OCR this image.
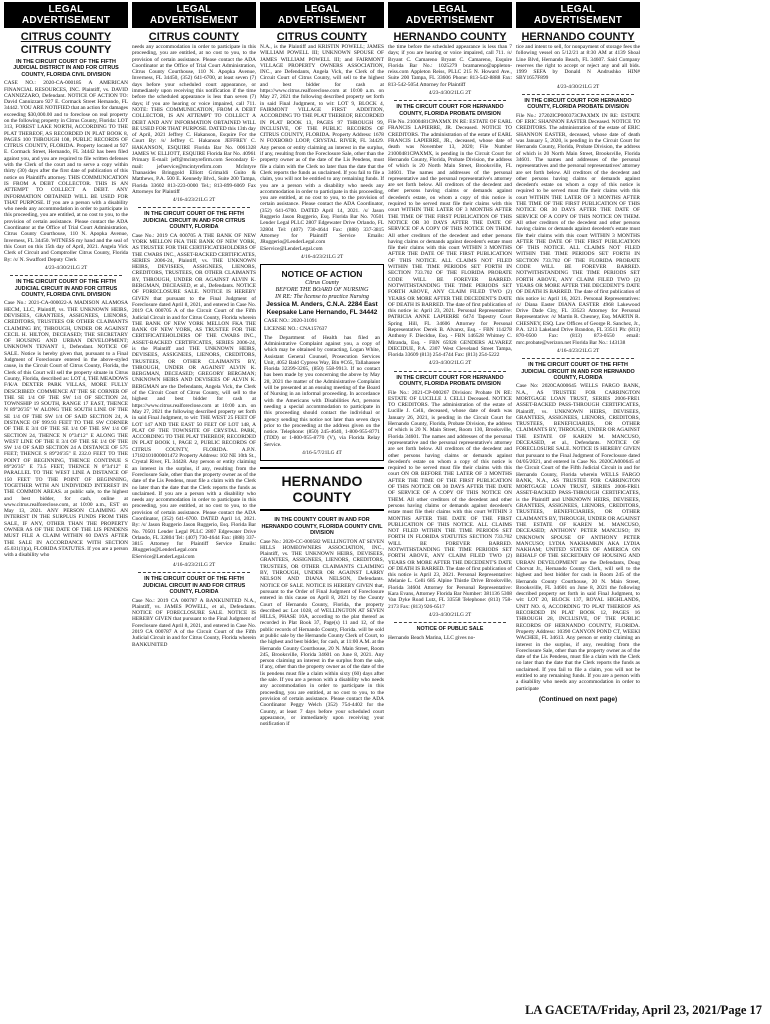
LEGAL ADVERTISEMENT
CITRUS COUNTY
CITRUS COUNTY
IN THE CIRCUIT COURT OF THE FIFTH JUDICIAL DISTRICT IN AND FOR CITRUS COUNTY, FLORIDA CIVIL DIVISION
CASE NO.: 2020-CA-000185 A AMERICAN FINANCIAL RESOURCES, INC. Plaintiff, vs. DAVID CANNIZZARO, Defendant. NOTICE OF ACTION TO: David Cannizzaro 927 E. Cormack Street Hernando, FL 34442. YOU ARE NOTIFIED that an action for damages exceeding $30,000.00 and to foreclose on real property on the following property in Citrus County, Florida: LOT 313, FOREST LAKE NORTH, ACCORDING TO THE PLAT THEREOF, AS RECORDED IN PLAT BOOK 8, PAGES 100 THROUGH 108, PUBLIC RECORDS OF CITRUS COUNTY, FLORIDA. Property located at 927 E. Cormack Street, Hernando, FL 34442 has been filed against you, and you are required to file written defenses with the Clerk of the court and to serve a copy within thirty (30) days after the first date of publication of this notice on Plaintiff's attorney. THIS COMMUNICATION IS FROM A DEBT COLLECTOR. THIS IS AN ATTEMPT TO COLLECT A DEBT. ANY INFORMATION OBTAINED WILL BE USED FOR THAT PURPOSE. If you are a person with a disability who needs any accommodation in order to participate in this proceeding, you are entitled, at no cost to you, to the provision of certain assistance. Please contact the ADA Coordinator at the Office of Trial Court Administration, Citrus County Courthouse, 110 N. Apopka Avenue, Inverness, FL 34450. WITNESS my hand and the seal of this Court on this 15th day of April, 2021. Angela Vick Clerk of Circuit and Comptroller Citrus County, Florida By: /s/ N. Swafford Deputy Clerk
4/23-4/30/21LG 2T
IN THE CIRCUIT COURT OF THE FIFTH JUDICIAL CIRCUIT IN AND FOR CITRUS COUNTY, FLORIDA CIVIL DIVISION
Case No.: 2021-CA-000022-A MADISON ALAMOSA HECM, LLC, Plaintiff, vs. THE UNKNOWN HEIRS, DEVISEES, GRANTEES, ASSIGNEES, LIENORS, CREDITORS, TRUSTEES OR OTHER CLAIMANTS CLAIMING BY, THROUGH, UNDER OR AGAINST CECIL H. HILTON, DECEASED; THE SECRETARY OF HOUSING AND URBAN DEVELOPMENT; UNKNOWN TENANT 1, Defendant. NOTICE OF SALE. Notice is hereby given that, pursuant to a Final Judgment of Foreclosure entered in the above-styled cause, in the Circuit Court of Citrus County, Florida, the Clerk of this Court will sell the property situate in Citrus County, Florida, described as: LOT 4, THE MEADOWS F/K/A DEXTER PARK VILLAS, MORE FULLY DESCRIBED: COMMENCE AT THE SE CORNER OF THE SE 1/4 OF THE SW 1/4 OF SECTION 24, TOWNSHIP 19 SOUTH, RANGE 17 EAST, THENCE N 89°26'35" W ALONG THE SOUTH LINE OF THE SE 1/4 OF THE SW 1/4 OF SAID SECTION 24, A DISTANCE OF 999.93 FEET TO THE SW CORNER OF THE E 3/4 OF THE SE 1/4 OF THE SW 1/4 OF SECTION 24, THENCE N 0°34'12" E ALONG THE WEST LINE OF THE E 3/4 OF THE SE 1/4 OF THE SW 1/4 OF SAID SECTION 24 A DISTANCE OF 575 FEET; THENCE S 89°26'35" E 232.0 FEET TO THE POINT OF BEGINNING, THENCE CONTINUE S 89°26'35" E 73.5 FEET, THENCE N 0°34'12" E PARALLEL TO THE WEST LINE A DISTANCE OF 150 FEET TO THE POINT OF BEGINNING, TOGETHER WITH AN UNDIVIDED INTEREST IN THE COMMON AREAS. at public sale, to the highest and best bidder, for cash, online at www.citrus.realforeclose.com, at 10:00 a.m., EST on May 13, 2021. ANY PERSON CLAIMING AN INTEREST IN THE SURPLUS FUNDS FROM THIS SALE, IF ANY, OTHER THAN THE PROPERTY OWNER AS OF THE DATE OF THE LIS PENDENS MUST FILE A CLAIM WITHIN 60 DAYS AFTER THE SALE IN ACCORDANCE WITH SECTION 45.031(1)(a), FLORIDA STATUTES. If you are a person with a disability who
LEGAL ADVERTISEMENT
CITRUS COUNTY
needs any accommodation in order to participate in this proceeding, you are entitled, at no cost to you, to the provision of certain assistance. Please contact the ADA Coordinator at the Office of Trial Court Administration, Citrus County Courthouse, 110 N. Apopka Avenue, Inverness, FL 34450, (352) 641-6700, at least seven (7) days before your scheduled court appearance, or immediately upon receiving this notification if the time before the scheduled appearance is less than seven (7) days; if you are hearing or voice impaired, call 711. NOTE: THIS COMMUNICATION, FROM A DEBT COLLECTOR, IS AN ATTEMPT TO COLLECT A DEBT AND ANY INFORMATION OBTAINED WILL BE USED FOR THAT PURPOSE. DATED this 13th day of April, 2021 Jeffrey C. Hakanson, Esquire For the Court By: /s/ Jeffrey C. Hakanson JEFFREY C. HAKANSON, ESQUIRE Florida Bar No. 0061328 JAMES W. ELLIOTT, ESQUIRE Florida Bar No. 40961 Primary E-mail: jeff@mcintyrefirm.com Secondary E-mail: jefservice@mcintyrefirm.com McIntyre Thanasides Bringgold Elliott Grimaldi Guito & Matthews, P.A. 500 E. Kennedy Blvd., Suite 200 Tampa, Florida 33602 813-223-0000 Tel.; 813-899-6069 Fax Attorneys for Plaintiff
4/16-4/23/21LG 2T
IN THE CIRCUIT COURT OF THE FIFTH JUDICIAL CIRCUIT IN AND FOR CITRUS COUNTY, FLORIDA
Case No.: 2019 CA 000705 A THE BANK OF NEW YORK MELLON FKA THE BANK OF NEW YORK, AS TRUSTEE FOR THE CERTIFICATEHOLDERS OF THE CWABS INC., ASSET-BACKED CERTIFICATES, SERIES 2006-24, Plaintiff, vs. THE UNKNOWN HEIRS, DEVISEES, ASSIGNEES, LIENORS, CREDITORS, TRUSTEES, OR OTHER CLAIMANTS BY, THROUGH, UNDER OR AGAINST ALVIN K. BERGMAN, DECEASED, et al., Defendants. NOTICE OF FORECLOSURE SALE. NOTICE IS HEREBY GIVEN that pursuant to the Final Judgment of Foreclosure dated April 8, 2021, and entered in Case No. 2019 CA 000705 A of the Circuit Court of the Fifth Judicial Circuit in and for Citrus County, Florida wherein THE BANK OF NEW YORK MELLON FKA THE BANK OF NEW YORK, AS TRUSTEE FOR THE CERTIFICATEHOLDERS OF THE CWABS INC., ASSET-BACKED CERTIFICATES, SERIES 2006-24, is the Plaintiff and THE UNKNOWN HEIRS, DEVISEES, ASSIGNEES, LIENORS, CREDITORS, TRUSTEES, OR OTHER CLAIMANTS BY, THROUGH, UNDER OR AGAINST ALVIN K. BERGMAN, DECEASED; GREGORY BERGMAN; UNKNOWN HEIRS AND DEVISEES OF ALVIN K. BERGMAN are the Defendants, Angela Vick, the Clerk of the Circuit Court of Citrus County, will sell to the highest and best bidder for cash at https://www.citrus.realforeclose.com at 10:00 a.m. on May 27, 2021 the following described property set forth in said Final Judgment, to wit: THE WEST 25 FEET OF LOT 147 AND THE EAST 50 FEET OF LOT 148, A PLAT OF THE TOWNSITE OF CRYSTAL PARK, ACCORDING TO THE PLAT THEREOF, RECORDED IN PLAT BOOK 1, PAGE 2, PUBLIC RECORDS OF CITRUS COUNTY, FLORIDA. A.P.N. 17182101000001472 Property Address: 102 NE 10th St., Crystal River, FL 34428. Any person or entity claiming an interest in the surplus, if any, resulting from the Foreclosure Sale, other than the property owner as of the date of the Lis Pendens, must file a claim with the Clerk no later than the date that the Clerk reports the funds as unclaimed. If you are a person with a disability who needs any accommodation in order to participate in this proceeding, you are entitled, at no cost to you, to the provision of certain assistance. Please contact the ADA Coordinator, (352) 641-6700. DATED April 14, 2021. By: /s/ Jason Ruggerio Jason Ruggerio, Esq. Florida Bar No. 70501 Lender Legal PLLC 2807 Edgewater Drive Orlando, FL 32804 Tel: (407) 730-4644 Fax: (888) 337-3815 Attorney for Plaintiff Service Emails: JRuggerio@LenderLegal.com EService@LenderLegal.com
4/16-4/23/21LG 2T
IN THE CIRCUIT COURT OF THE FIFTH JUDICIAL CIRCUIT IN AND FOR CITRUS COUNTY, FLORIDA
Case No.: 2019 CA 000787 A BANKUNITED N.A., Plaintiff, vs. JAMES POWELL, et al., Defendants. NOTICE OF FORECLOSURE SALE. NOTICE IS HEREBY GIVEN that pursuant to the Final Judgment of Foreclosure dated April 8, 2021, and entered in Case No. 2019 CA 000787 A of the Circuit Court of the Fifth Judicial Circuit in and for Citrus County, Florida wherein BANKUNITED
LEGAL ADVERTISEMENT
CITRUS COUNTY
N.A., is the Plaintiff and KRISTIN POWELL; JAMES WILLIAM POWELL III; UNKNOWN SPOUSE OF JAMES WILLIAM POWELL III; and FAIRMONT VILLAGE PROPERTY OWNERS ASSOCIATION, INC., are Defendants, Angela Vick, the Clerk of the Circuit Court of Citrus County, will sell to the highest and best bidder for cash at https://www.citrus.realforeclose.com at 10:00 a.m. on May 27, 2021 the following described property set forth in said Final Judgment, to wit: LOT 9, BLOCK 4, FAIRMONT VILLAGE FIRST ADDITION, ACCORDING TO THE PLAT THEREOF, RECORDED IN PLAT BOOK 13, PAGES 97 THROUGH 99, INCLUSIVE, OF THE PUBLIC RECORDS OF CITRUS COUNTY, FLORIDA. Property Address: 1678 N FOXBORO LOOP, CRYSTAL RIVER, FL 34429. Any person or entity claiming an interest in the surplus, if any, resulting from the Foreclosure Sale, other than the property owner as of the date of the Lis Pendens, must file a claim with the Clerk no later than the date that the Clerk reports the funds as unclaimed. If you fail to file a claim, you will not be entitled to any remaining funds. If you are a person with a disability who needs any accommodation in order to participate in this proceeding, you are entitled, at no cost to you, to the provision of certain assistance. Please contact the ADA Coordinator, (352) 641-6700. DATED April 14, 2021. /s/ Jason Ruggerio Jason Ruggerio, Esq. Florida Bar No. 70501 Lender Legal PLLC 2807 Edgewater Drive Orlando, FL 32804 Tel: (407) 730-4644 Fax: (888) 337-3815 Attorney for Plaintiff Service Emails: JRuggerio@LenderLegal.com EService@LenderLegal.com
4/16-4/23/21LG 2T
NOTICE OF ACTION
Citrus County
BEFORE THE BOARD OF NURSING
IN RE: The license to practice Nursing
Jessica M. Anders, C.N.A. 2284 East Keepsake Lane Hernando, FL 34442
CASE NO.: 2020-31091
LICENSE NO.: CNA157637
The Department of Health has filed an Administrative Complaint against you, a copy of which may be obtained by contacting, Logan White, Assistant General Counsel, Prosecution Services Unit, 4052 Bald Cypress Way, Bin #C65, Tallahassee Florida 32399-3265, (850) 558-9913. If no contact has been made by you concerning the above by May 28, 2021 the matter of the Administrative Complaint will be presented at an ensuing meeting of the Board of Nursing in an informal proceeding. In accordance with the Americans with Disabilities Act, persons needing a special accommodation to participate in this proceeding should contact the individual or agency sending this notice not later than seven days prior to the proceeding at the address given on the notice. Telephone: (850) 245-4640, 1-800-955-8771 (TDD) or 1-800-955-8770 (V), via Florida Relay Service.
4/16-5/7/21LG 4T
HERNANDO COUNTY
IN THE COUNTY COURT IN AND FOR HERNANDO COUNTY, FLORIDA COUNTY CIVIL DIVISION
Case No.: 2020-CC-000582 WELLINGTON AT SEVEN HILLS HOMEOWNERS ASSOCIATION, INC., Plaintiff, vs. THE UNKNOWN HEIRS, DEVISEES, GRANTEES, ASSIGNEES, LIENORS, CREDITORS, TRUSTEES, OR OTHER CLAIMANTS CLAIMING BY, THROUGH, UNDER OR AGAINST LARRY NELSON AND DIANA NELSON, Defendants. NOTICE OF SALE. NOTICE IS HEREBY GIVEN that, pursuant to the Order of Final Judgment of Foreclosure entered in this cause on April 8, 2021 by the County Court of Hernando County, Florida, the property described as: Lot 1028, of WELLINGTON AT SEVEN HILLS, PHASE 10A, according to the plat thereof as recorded in Plat Book 37, Page(s) 11 and 12, of the public records of Hernando County, Florida. will be sold at public sale by the Hernando County Clerk of Court, to the highest and best bidder, for cash, at 11:00 A.M. at the Hernando County Courthouse, 20 N. Main Street, Room 245, Brooksville, Florida 34601 on June 8, 2021. Any person claiming an interest in the surplus from the sale, if any, other than the property owner as of the date of the lis pendens must file a claim within sixty (60) days after the sale. If you are a person with a disability who needs any accommodation in order to participate in this proceeding, you are entitled, at no cost to you, to the provision of certain assistance. Please contact the ADA Coordinator Peggy Welch (352) 754-4402 for the County, at least 7 days before your scheduled court appearance, or immediately upon receiving your notification if
LEGAL ADVERTISEMENT
HERNANDO COUNTY
the time before the scheduled appearance is less than 7 days; if you are hearing or voice impaired, call 711. /s/ Bryant C. Camareno Bryant C. Camareno, Esquire Florida Bar No.: 1025279 bcamareno@appleton-reiss.com Appleton Reiss, PLLC 215 N. Howard Ave., Suite 200 Tampa, FL 33606 Phone: 813-542-8888 Fax: 813-542-5054 Attorney for Plaintiff
4/23-4/30/21LG 2T
IN THE CIRCUIT COURT FOR HERNANDO COUNTY, FLORIDA PROBATE DIVISION
File No. 21000481CPAXMX IN RE: ESTATE OF EARL FRANCIS LAPIERRE, JR. Deceased. NOTICE TO CREDITORS. The administration of the estate of EARL FRANCIS LAPIERRE, JR., deceased, whose date of death was November 13, 2020; File Number 21000481CPAXMX, is pending in the Circuit Court for Hernando County, Florida, Probate Division, the address of which is 20 North Main Street, Brooksville, FL 34601. The names and addresses of the personal representative and the personal representative's attorney are set forth below. All creditors of the decedent and other persons having claims or demands against decedent's estate, on whom a copy of this notice is required to be served must file their claims with this court WITHIN THE LATER OF 3 MONTHS AFTER THE TIME OF THE FIRST PUBLICATION OF THIS NOTICE OR 30 DAYS AFTER THE DATE OF SERVICE OF A COPY OF THIS NOTICE ON THEM. All other creditors of the decedent and other persons having claims or demands against decedent's estate must file their claims with this court WITHIN 3 MONTHS AFTER THE DATE OF THE FIRST PUBLICATION OF THIS NOTICE. ALL CLAIMS NOT FILED WITHIN THE TIME PERIODS SET FORTH IN SECTION 733.702 OF THE FLORIDA PROBATE CODE WILL BE FOREVER BARRED. NOTWITHSTANDING THE TIME PERIODS SET FORTH ABOVE, ANY CLAIM FILED TWO (2) YEARS OR MORE AFTER THE DECEDENT'S DATE OF DEATH IS BARRED. The date of first publication of this notice is: April 23, 2021. Personal Representative: PATRICIA ANNE LAPIERRE 6474 Tapestry Court Spring Hill, FL 34606 Attorney for Personal Representative: Derek B. Alvarez, Esq. - FBN 114278 Anthony F. Diecidue, Esq. - FBN 146528 Whitney C. Miranda, Esq. - FBN 65928 GENDERS ALVAREZ DIECIDUE, P.A. 2307 West Cleveland Street Tampa, Florida 33609 (813) 254-4744 Fax: (813) 254-5222
4/23-4/30/21LG 2T
IN THE CIRCUIT COURT FOR HERNANDO COUNTY, FLORIDA PROBATE DIVISION
File No.: 2021-CP-000267 Division: Probate IN RE: ESTATE OF LUCILLE J. CELLI Deceased. NOTICE TO CREDITORS. The administration of the estate of Lucille J. Celli, deceased, whose date of death was January 26, 2021, is pending in the Circuit Court for Hernando County, Florida, Probate Division, the address of which is 20 N. Main Street, Room 130, Brooksville, Florida 34601. The names and addresses of the personal representative and the personal representative's attorney are set forth below. All creditors of the decedent and other persons having claims or demands against decedent's estate on whom a copy of this notice is required to be served must file their claims with this court ON OR BEFORE THE LATER OF 3 MONTHS AFTER THE TIME OF THE FIRST PUBLICATION OF THIS NOTICE OR 30 DAYS AFTER THE DATE OF SERVICE OF A COPY OF THIS NOTICE ON THEM. All other creditors of the decedent and other persons having claims or demands against decedent's estate must file their claims with this court WITHIN 3 MONTHS AFTER THE DATE OF THE FIRST PUBLICATION OF THIS NOTICE. ALL CLAIMS NOT FILED WITHIN THE TIME PERIODS SET FORTH IN FLORIDA STATUTES SECTION 733.702 WILL BE FOREVER BARRED. NOTWITHSTANDING THE TIME PERIODS SET FORTH ABOVE, ANY CLAIM FILED TWO (2) YEARS OR MORE AFTER THE DECEDENT'S DATE OF DEATH IS BARRED. The date of first publication of this notice is April 23, 2021. Personal Representative: Melanie L. Celli 685 Alpine Thistle Drive Brooksville, Florida 34604 Attorney for Personal Representative: Kara Evans, Attorney Florida Bar Number: 381136 5308 Van Dyke Road Lutz, FL 33558 Telephone: (813) 758-2173 Fax: (813) 926-6517
4/23-4/30/21LG 2T
NOTICE OF PUBLIC SALE
Hernando Beach Marina, LLC gives no-
LEGAL ADVERTISEMENT
HERNANDO COUNTY
tice and intent to sell, for nonpayment of storage fees the following vessel on 5/12/21 at 8:30 AM at 4139 Shoal Line Blvd, Hernando Beach, FL 34607. Said Company reserves the right to accept or reject any and all bids. 1999 SEFA by Donald N Andrushko HIN# SBY1657F899
4/23-4/30/21LG 2T
IN THE CIRCUIT COURT FOR HERNANDO COUNTY, FLORIDA PROBATE DIVISION
File No.: 27202ICP000373CPAXMX IN RE: ESTATE OF ERIC SHANNON EASTER Deceased. NOTICE TO CREDITORS. The administration of the estate of ERIC SHANNON EASTER, deceased, whose date of death was January 5, 2020, is pending in the Circuit Court for Hernando County, Florida, Probate Division, the address of which is 20 North Main Street, Brooksville, Florida 34601. The names and addresses of the personal representatives and the personal representatives' attorney are set forth below. All creditors of the decedent and other persons having claims or demands against decedent's estate on whom a copy of this notice is required to be served must file their claims with this court WITHIN THE LATER OF 3 MONTHS AFTER THE TIME OF THE FIRST PUBLICATION OF THIS NOTICE OR 30 DAYS AFTER THE DATE OF SERVICE OF A COPY OF THIS NOTICE ON THEM. All other creditors of the decedent and other persons having claims or demands against decedent's estate must file their claims with this court WITHIN 3 MONTHS AFTER THE DATE OF THE FIRST PUBLICATION OF THIS NOTICE. ALL CLAIMS NOT FILED WITHIN THE TIME PERIODS SET FORTH IN SECTION 733.702 OF THE FLORIDA PROBATE CODE WILL BE FOREVER BARRED. NOTWITHSTANDING THE TIME PERIODS SET FORTH ABOVE, ANY CLAIM FILED TWO (2) YEARS OR MORE AFTER THE DECEDENT'S DATE OF DEATH IS BARRED. The date of first publication of this notice is: April 16, 2021. Personal Representatives: /s/ Diana Easter DIANA EASTER 4968 Lakewood Drive Dade City, FL 33523 Attorney for Personal Representative: /s/ Martin R. Chesney, Esq. MARTIN R. CHESNEY, ESQ. Law Offices of George R. Sanchez, Jr., P.A. 1213 Lakeland Drive Brandon, FL 33511 Ph: (813) 870-0500 Fax: (813) 873-0550 email: mrc.probate@verizon.net Florida Bar No.: 143138
4/16-4/23/21LG 2T
IN THE CIRCUIT COURT OF THE FIFTH JUDICIAL CIRCUIT IN AND FOR HERNANDO COUNTY, FLORIDA
Case No: 2020CA000645 WELLS FARGO BANK, N.A., AS TRUSTEE FOR CARRINGTON MORTGAGE LOAN TRUST, SERIES 2006-FRE1 ASSET-BACKED PASS-THROUGH CERTIFICATES, Plaintiff, vs. UNKNOWN HEIRS, DEVISEES, GRANTEES, ASSIGNEES, LIENORS, CREDITORS, TRUSTEES, BENEFICIARIES, OR OTHER CLAIMANTS BY, THROUGH, UNDER OR AGAINST THE ESTATE OF KAREN M. MANCUSO, DECEASED, et al., Defendants. NOTICE OF FORECLOSURE SALE. NOTICE IS HEREBY GIVEN that pursuant to the Final Judgment of Foreclosure dated 04/05/2021, and entered in Case No. 2020CA000645 of the Circuit Court of the Fifth Judicial Circuit in and for Hernando County, Florida wherein WELLS FARGO BANK, N.A., AS TRUSTEE FOR CARRINGTON MORTGAGE LOAN TRUST, SERIES 2006-FRE1 ASSET-BACKED PASS-THROUGH CERTIFICATES, is the Plaintiff and UNKNOWN HEIRS, DEVISEES, GRANTEES, ASSIGNEES, LIENORS, CREDITORS, TRUSTEES, BENEFICIARIES, OR OTHER CLAIMANTS BY, THROUGH, UNDER OR AGAINST THE ESTATE OF KAREN M. MANCUSO, DECEASED; ANTHONY PETER MANCUSO; IN UNKNOWN SPOUSE OF ANTHONY PETER MANCUSO; LYDIA NAKHAMKIN AKA LYDIA NAKHAM; UNITED STATES OF AMERICA ON BEHALF OF THE SECRETARY OF HOUSING AND URBAN DEVELOPMENT are the Defendants, Doug Chorvat Jr., Hernando County Clerk, will sell to the highest and best bidder for cash in Room 245 of the Hernando County Courthouse, 20 N. Main Street, Brooksville, FL 34601 on June 8, 2021 the following described property set forth in said Final Judgment, to wit: LOT 20, BLOCK 137, ROYAL HIGHLANDS, UNIT NO. 6, ACCORDING TO PLAT THEREOF AS RECORDED IN PLAT BOOK 12, PAGES 16 THROUGH 28, INCLUSIVE, OF THE PUBLIC RECORDS OF HERNANDO COUNTY, FLORIDA. Property Address: 10390 CANYON POND CT, WEEKI WACHEE, FL 34613. Any person or entity claiming an interest in the surplus, if any, resulting from the Foreclosure Sale, other than the property owner as of the date of the Lis Pendens, must file a claim with the Clerk no later than the date that the Clerk reports the funds as unclaimed. If you fail to file a claim, you will not be entitled to any remaining funds. If you are a person with a disability who needs any accommodation in order to participate
(Continued on next page)
LA GACETA/Friday, April 23, 2021/Page 17
